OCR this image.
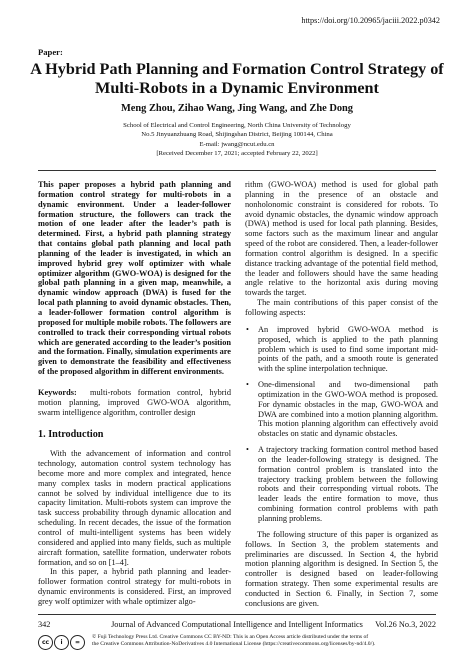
https://doi.org/10.20965/jaciii.2022.p0342
Paper:
A Hybrid Path Planning and Formation Control Strategy of
Multi-Robots in a Dynamic Environment
Meng Zhou, Zihao Wang, Jing Wang, and Zhe Dong
School of Electrical and Control Engineering, North China University of Technology
No.5 Jinyuanzhuang Road, Shijingshan District, Beijing 100144, China
E-mail: jwang@ncut.edu.cn
[Received December 17, 2021; accepted February 22, 2022]

This paper proposes a hybrid path planning and formation control strategy for multi-robots in a dynamic environment. Under a leader-follower formation structure, the followers can track the motion of one leader after the leader’s path is determined. First, a hybrid path planning strategy that contains global path planning and local path planning of the leader is investigated, in which an improved hybrid grey wolf optimizer with whale optimizer algorithm (GWO-WOA) is designed for the global path planning in a given map, meanwhile, a dynamic window approach (DWA) is fused for the local path planning to avoid dynamic obstacles. Then, a leader-follower formation control algorithm is proposed for multiple mobile robots. The followers are controlled to track their corresponding virtual robots which are generated according to the leader’s position and the formation. Finally, simulation experiments are given to demonstrate the feasibility and effectiveness of the proposed algorithm in different environments.

Keywords: multi-robots formation control, hybrid motion planning, improved GWO-WOA algorithm, swarm intelligence algorithm, controller design

1. Introduction

With the advancement of information and control technology, automation control system technology has become more and more complex and integrated, hence many complex tasks in modern practical applications cannot be solved by individual intelligence due to its capacity limitation. Multi-robots system can improve the task success probability through dynamic allocation and scheduling. In recent decades, the issue of the formation control of multi-intelligent systems has been widely considered and applied into many fields, such as multiple aircraft formation, satellite formation, underwater robots formation, and so on [1–4].

In this paper, a hybrid path planning and leader-follower formation control strategy for multi-robots in dynamic environments is considered. First, an improved grey wolf optimizer with whale optimizer algo-

rithm (GWO-WOA) method is used for global path planning in the presence of an obstacle and nonholonomic constraint is considered for robots. To avoid dynamic obstacles, the dynamic window approach (DWA) method is used for local path planning. Besides, some factors such as the maximum linear and angular speed of the robot are considered. Then, a leader-follower formation control algorithm is designed. In a specific distance tracking advantage of the potential field method, the leader and followers should have the same heading angle relative to the horizontal axis during moving towards the target.

The main contributions of this paper consist of the following aspects:

• An improved hybrid GWO-WOA method is proposed, which is applied to the path planning problem which is used to find some important mid-points of the path, and a smooth route is generated with the spline interpolation technique.
• One-dimensional and two-dimensional path optimization in the GWO-WOA method is proposed. For dynamic obstacles in the map, GWO-WOA and DWA are combined into a motion planning algorithm. This motion planning algorithm can effectively avoid obstacles on static and dynamic obstacles.
• A trajectory tracking formation control method based on the leader-following strategy is designed. The formation control problem is translated into the trajectory tracking problem between the following robots and their corresponding virtual robots. The leader leads the entire formation to move, thus combining formation control problems with path planning problems.

The following structure of this paper is organized as follows. In Section 3, the problem statements and preliminaries are discussed. In Section 4, the hybrid motion planning algorithm is designed. In Section 5, the controller is designed based on leader-following formation strategy. Then some experimental results are conducted in Section 6. Finally, in Section 7, some conclusions are given.

342	Journal of Advanced Computational Intelligence and Intelligent Informatics	Vol.26 No.3, 2022
cc	i	=
© Fuji Technology Press Ltd. Creative Commons CC BY-ND: This is an Open Access article distributed under the terms of
the Creative Commons Attribution-NoDerivatives 4.0 International License (https://creativecommons.org/licenses/by-nd/4.0/).
